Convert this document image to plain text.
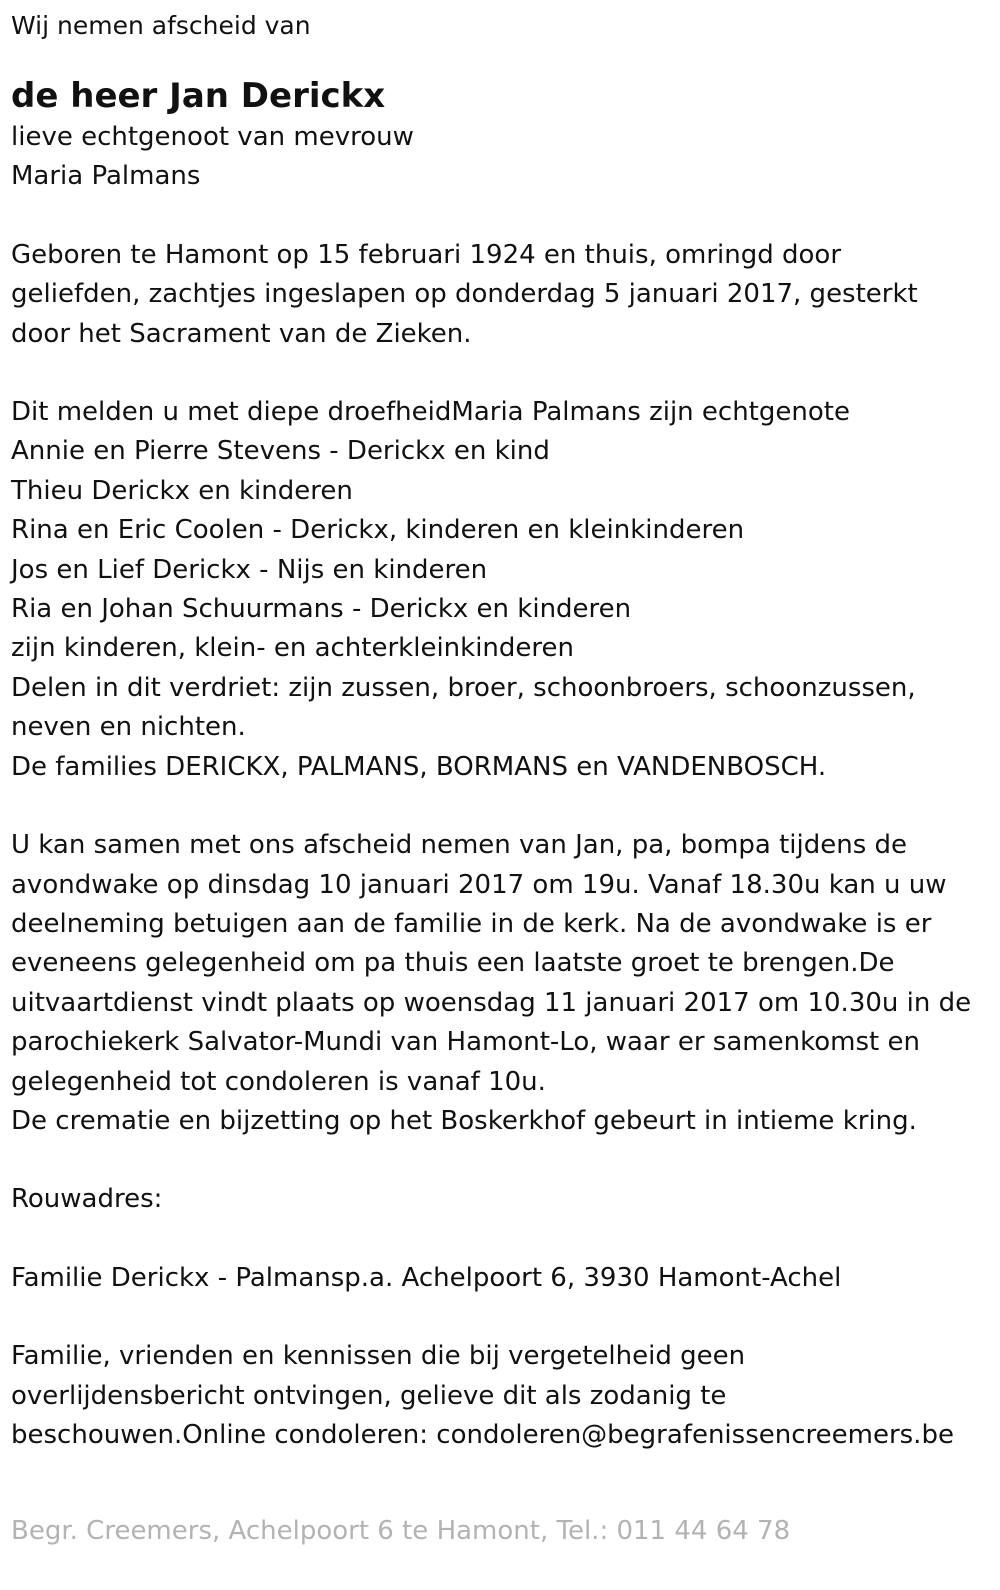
Wij nemen afscheid van

de heer Jan Derickx

lieve echtgenoot van mevrouw
Maria Palmans
Geboren te Hamont op 15 februari 1924 en thuis, omringd door
geliefden, zachtjes ingeslapen op donderdag 5 januari 2017, gesterkt
door het Sacrament van de Zieken.
Dit melden u met diepe droefheidMaria Palmans zijn echtgenote
Annie en Pierre Stevens - Derickx en kind
Thieu Derickx en kinderen
Rina en Eric Coolen - Derickx, kinderen en kleinkinderen
Jos en Lief Derickx - Nijs en kinderen
Ria en Johan Schuurmans - Derickx en kinderen
zijn kinderen, klein- en achterkleinkinderen
Delen in dit verdriet: zijn zussen, broer, schoonbroers, schoonzussen,
neven en nichten.
De families DERICKX, PALMANS, BORMANS en VANDENBOSCH.
U kan samen met ons afscheid nemen van Jan, pa, bompa tijdens de
avondwake op dinsdag 10 januari 2017 om 19u. Vanaf 18.30u kan u uw
deelneming betuigen aan de familie in de kerk. Na de avondwake is er
eveneens gelegenheid om pa thuis een laatste groet te brengen.De
uitvaartdienst vindt plaats op woensdag 11 januari 2017 om 10.30u in de
parochiekerk Salvator-Mundi van Hamont-Lo, waar er samenkomst en
gelegenheid tot condoleren is vanaf 10u.
De crematie en bijzetting op het Boskerkhof gebeurt in intieme kring.
Rouwadres:
Familie Derickx - Palmansp.a. Achelpoort 6, 3930 Hamont-Achel
Familie, vrienden en kennissen die bij vergetelheid geen
overlijdensbericht ontvingen, gelieve dit als zodanig te
beschouwen.Online condoleren: condoleren@begrafenissencreemers.be
Begr. Creemers, Achelpoort 6 te Hamont, Tel.: 011 44 64 78
